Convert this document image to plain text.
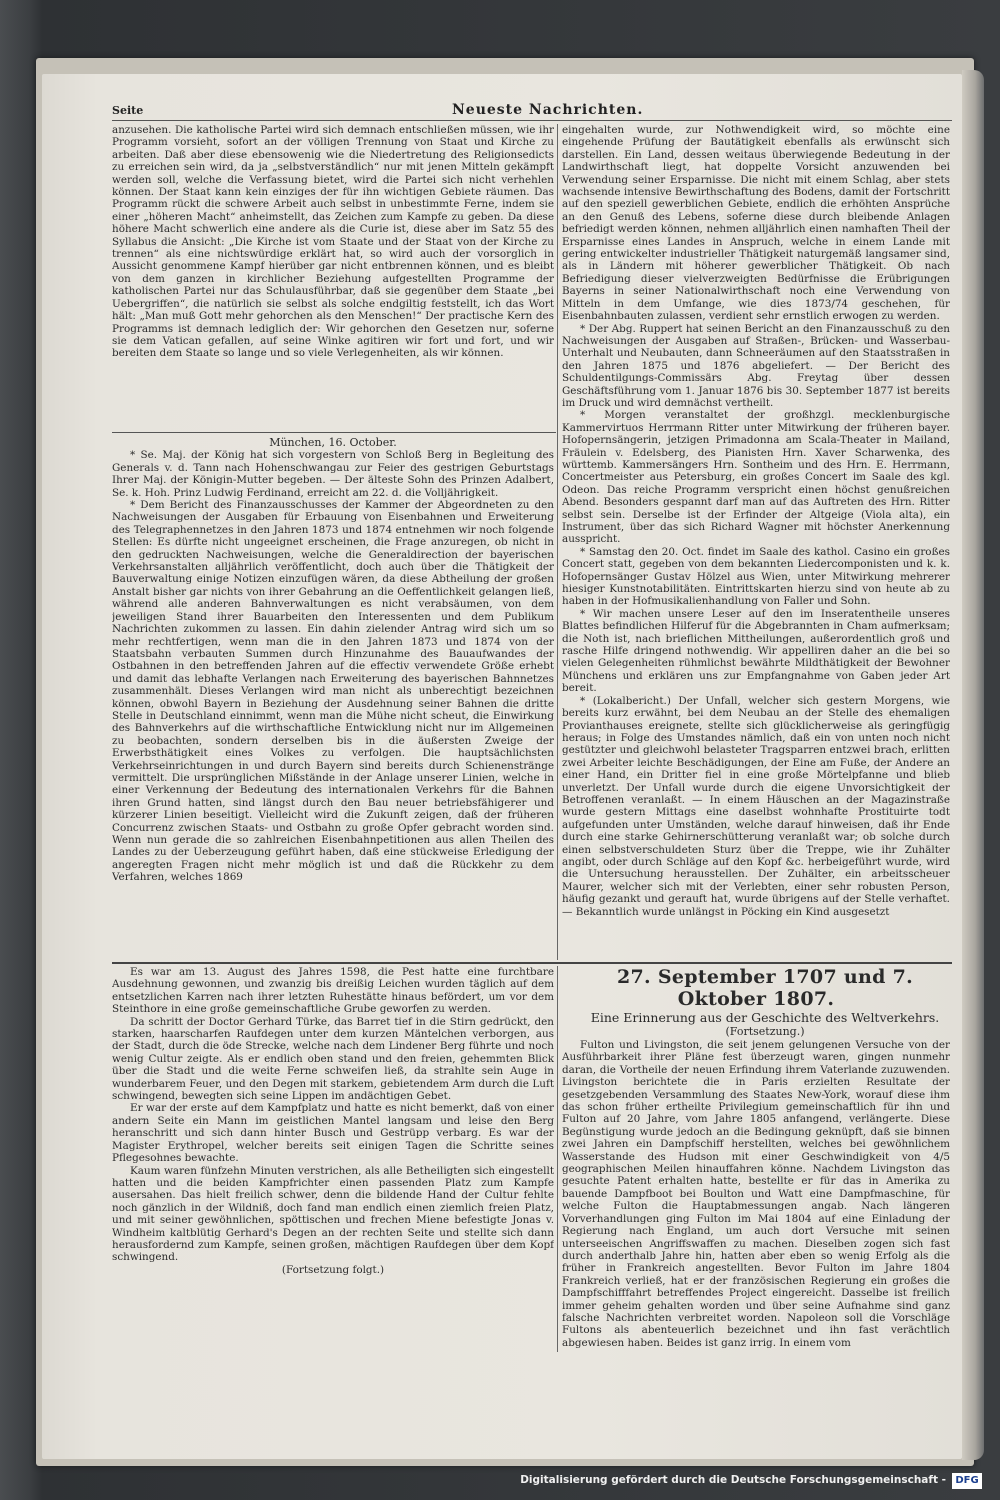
Seite	Neueste Nachrichten.

anzusehen. Die katholische Partei wird sich demnach entschließen müssen, wie ihr Programm vorsieht, sofort an der völligen Trennung von Staat und Kirche zu arbeiten. Daß aber diese ebensowenig wie die Niedertretung des Religionsedicts zu erreichen sein wird, da ja „selbstverständlich“ nur mit jenen Mitteln gekämpft werden soll, welche die Verfassung bietet, wird die Partei sich nicht verhehlen können. Der Staat kann kein einziges der für ihn wichtigen Gebiete räumen. Das Programm rückt die schwere Arbeit auch selbst in unbestimmte Ferne, indem sie einer „höheren Macht“ anheimstellt, das Zeichen zum Kampfe zu geben. Da diese höhere Macht schwerlich eine andere als die Curie ist, diese aber im Satz 55 des Syllabus die Ansicht: „Die Kirche ist vom Staate und der Staat von der Kirche zu trennen“ als eine nichtswürdige erklärt hat, so wird auch der vorsorglich in Aussicht genommene Kampf hierüber gar nicht entbrennen können, und es bleibt von dem ganzen in kirchlicher Beziehung aufgestellten Programme der katholischen Partei nur das Schulausführbar, daß sie gegenüber dem Staate „bei Uebergriffen“, die natürlich sie selbst als solche endgiltig feststellt, ich das Wort hält: „Man muß Gott mehr gehorchen als den Menschen!“ Der practische Kern des Programms ist demnach lediglich der: Wir gehorchen den Gesetzen nur, soferne sie dem Vatican gefallen, auf seine Winke agitiren wir fort und fort, und wir bereiten dem Staate so lange und so viele Verlegenheiten, als wir können.

München, 16. October.

* Se. Maj. der König hat sich vorgestern von Schloß Berg in Begleitung des Generals v. d. Tann nach Hohenschwangau zur Feier des gestrigen Geburtstags Ihrer Maj. der Königin-Mutter begeben. — Der älteste Sohn des Prinzen Adalbert, Se. k. Hoh. Prinz Ludwig Ferdinand, erreicht am 22. d. die Volljährigkeit.

* Dem Bericht des Finanzausschusses der Kammer der Abgeordneten zu den Nachweisungen der Ausgaben für Erbauung von Eisenbahnen und Erweiterung des Telegraphennetzes in den Jahren 1873 und 1874 entnehmen wir noch folgende Stellen: Es dürfte nicht ungeeignet erscheinen, die Frage anzuregen, ob nicht in den gedruckten Nachweisungen, welche die Generaldirection der bayerischen Verkehrsanstalten alljährlich veröffentlicht, doch auch über die Thätigkeit der Bauverwaltung einige Notizen einzufügen wären, da diese Abtheilung der großen Anstalt bisher gar nichts von ihrer Gebahrung an die Oeffentlichkeit gelangen ließ, während alle anderen Bahnverwaltungen es nicht verabsäumen, von dem jeweiligen Stand ihrer Bauarbeiten den Interessenten und dem Publikum Nachrichten zukommen zu lassen. Ein dahin zielender Antrag wird sich um so mehr rechtfertigen, wenn man die in den Jahren 1873 und 1874 von der Staatsbahn verbauten Summen durch Hinzunahme des Bauaufwandes der Ostbahnen in den betreffenden Jahren auf die effectiv verwendete Größe erhebt und damit das lebhafte Verlangen nach Erweiterung des bayerischen Bahnnetzes zusammenhält. Dieses Verlangen wird man nicht als unberechtigt bezeichnen können, obwohl Bayern in Beziehung der Ausdehnung seiner Bahnen die dritte Stelle in Deutschland einnimmt, wenn man die Mühe nicht scheut, die Einwirkung des Bahnverkehrs auf die wirthschaftliche Entwicklung nicht nur im Allgemeinen zu beobachten, sondern derselben bis in die äußersten Zweige der Erwerbsthätigkeit eines Volkes zu verfolgen. Die hauptsächlichsten Verkehrseinrichtungen in und durch Bayern sind bereits durch Schienenstränge vermittelt. Die ursprünglichen Mißstände in der Anlage unserer Linien, welche in einer Verkennung der Bedeutung des internationalen Verkehrs für die Bahnen ihren Grund hatten, sind längst durch den Bau neuer betriebsfähigerer und kürzerer Linien beseitigt. Vielleicht wird die Zukunft zeigen, daß der früheren Concurrenz zwischen Staats- und Ostbahn zu große Opfer gebracht worden sind. Wenn nun gerade die so zahlreichen Eisenbahnpetitionen aus allen Theilen des Landes zu der Ueberzeugung geführt haben, daß eine stückweise Erledigung der angeregten Fragen nicht mehr möglich ist und daß die Rückkehr zu dem Verfahren, welches 1869

eingehalten wurde, zur Nothwendigkeit wird, so möchte eine eingehende Prüfung der Bautätigkeit ebenfalls als erwünscht sich darstellen. Ein Land, dessen weitaus überwiegende Bedeutung in der Landwirthschaft liegt, hat doppelte Vorsicht anzuwenden bei Verwendung seiner Ersparnisse. Die nicht mit einem Schlag, aber stets wachsende intensive Bewirthschaftung des Bodens, damit der Fortschritt auf den speziell gewerblichen Gebiete, endlich die erhöhten Ansprüche an den Genuß des Lebens, soferne diese durch bleibende Anlagen befriedigt werden können, nehmen alljährlich einen namhaften Theil der Ersparnisse eines Landes in Anspruch, welche in einem Lande mit gering entwickelter industrieller Thätigkeit naturgemäß langsamer sind, als in Ländern mit höherer gewerblicher Thätigkeit. Ob nach Befriedigung dieser vielverzweigten Bedürfnisse die Erübrigungen Bayerns in seiner Nationalwirthschaft noch eine Verwendung von Mitteln in dem Umfange, wie dies 1873/74 geschehen, für Eisenbahnbauten zulassen, verdient sehr ernstlich erwogen zu werden.

* Der Abg. Ruppert hat seinen Bericht an den Finanzausschuß zu den Nachweisungen der Ausgaben auf Straßen-, Brücken- und Wasserbau-Unterhalt und Neubauten, dann Schneeräumen auf den Staatsstraßen in den Jahren 1875 und 1876 abgeliefert. — Der Bericht des Schuldentilgungs-Commissärs Abg. Freytag über dessen Geschäftsführung vom 1. Januar 1876 bis 30. September 1877 ist bereits im Druck und wird demnächst vertheilt.

* Morgen veranstaltet der großhzgl. mecklenburgische Kammervirtuos Herrmann Ritter unter Mitwirkung der früheren bayer. Hofopernsängerin, jetzigen Primadonna am Scala-Theater in Mailand, Fräulein v. Edelsberg, des Pianisten Hrn. Xaver Scharwenka, des württemb. Kammersängers Hrn. Sontheim und des Hrn. E. Herrmann, Concertmeister aus Petersburg, ein großes Concert im Saale des kgl. Odeon. Das reiche Programm verspricht einen höchst genußreichen Abend. Besonders gespannt darf man auf das Auftreten des Hrn. Ritter selbst sein. Derselbe ist der Erfinder der Altgeige (Viola alta), ein Instrument, über das sich Richard Wagner mit höchster Anerkennung ausspricht.

* Samstag den 20. Oct. findet im Saale des kathol. Casino ein großes Concert statt, gegeben von dem bekannten Liedercomponisten und k. k. Hofopernsänger Gustav Hölzel aus Wien, unter Mitwirkung mehrerer hiesiger Kunstnotabilitäten. Eintrittskarten hierzu sind von heute ab zu haben in der Hofmusikalienhandlung von Faller und Sohn.

* Wir machen unsere Leser auf den im Inseratentheile unseres Blattes befindlichen Hilferuf für die Abgebrannten in Cham aufmerksam; die Noth ist, nach brieflichen Mittheilungen, außerordentlich groß und rasche Hilfe dringend nothwendig. Wir appelliren daher an die bei so vielen Gelegenheiten rühmlichst bewährte Mildthätigkeit der Bewohner Münchens und erklären uns zur Empfangnahme von Gaben jeder Art bereit.

* (Lokalbericht.) Der Unfall, welcher sich gestern Morgens, wie bereits kurz erwähnt, bei dem Neubau an der Stelle des ehemaligen Provianthauses ereignete, stellte sich glücklicherweise als geringfügig heraus; in Folge des Umstandes nämlich, daß ein von unten noch nicht gestützter und gleichwohl belasteter Tragsparren entzwei brach, erlitten zwei Arbeiter leichte Beschädigungen, der Eine am Fuße, der Andere an einer Hand, ein Dritter fiel in eine große Mörtelpfanne und blieb unverletzt. Der Unfall wurde durch die eigene Unvorsichtigkeit der Betroffenen veranlaßt. — In einem Häuschen an der Magazinstraße wurde gestern Mittags eine daselbst wohnhafte Prostituirte todt aufgefunden unter Umständen, welche darauf hinweisen, daß ihr Ende durch eine starke Gehirnerschütterung veranlaßt war; ob solche durch einen selbstverschuldeten Sturz über die Treppe, wie ihr Zuhälter angibt, oder durch Schläge auf den Kopf &c. herbeigeführt wurde, wird die Untersuchung herausstellen. Der Zuhälter, ein arbeitsscheuer Maurer, welcher sich mit der Verlebten, einer sehr robusten Person, häufig gezankt und gerauft hat, wurde übrigens auf der Stelle verhaftet. — Bekanntlich wurde unlängst in Pöcking ein Kind ausgesetzt

Es war am 13. August des Jahres 1598, die Pest hatte eine furchtbare Ausdehnung gewonnen, und zwanzig bis dreißig Leichen wurden täglich auf dem entsetzlichen Karren nach ihrer letzten Ruhestätte hinaus befördert, um vor dem Steinthore in eine große gemeinschaftliche Grube geworfen zu werden.

Da schritt der Doctor Gerhard Türke, das Barret tief in die Stirn gedrückt, den starken, haarscharfen Raufdegen unter dem kurzen Mäntelchen verborgen, aus der Stadt, durch die öde Strecke, welche nach dem Lindener Berg führte und noch wenig Cultur zeigte. Als er endlich oben stand und den freien, gehemmten Blick über die Stadt und die weite Ferne schweifen ließ, da strahlte sein Auge in wunderbarem Feuer, und den Degen mit starkem, gebietendem Arm durch die Luft schwingend, bewegten sich seine Lippen im andächtigen Gebet.

Er war der erste auf dem Kampfplatz und hatte es nicht bemerkt, daß von einer andern Seite ein Mann im geistlichen Mantel langsam und leise den Berg heranschritt und sich dann hinter Busch und Gestrüpp verbarg. Es war der Magister Erythropel, welcher bereits seit einigen Tagen die Schritte seines Pflegesohnes bewachte.

Kaum waren fünfzehn Minuten verstrichen, als alle Betheiligten sich eingestellt hatten und die beiden Kampfrichter einen passenden Platz zum Kampfe ausersahen. Das hielt freilich schwer, denn die bildende Hand der Cultur fehlte noch gänzlich in der Wildniß, doch fand man endlich einen ziemlich freien Platz, und mit seiner gewöhnlichen, spöttischen und frechen Miene befestigte Jonas v. Windheim kaltblütig Gerhard's Degen an der rechten Seite und stellte sich dann herausfordernd zum Kampfe, seinen großen, mächtigen Raufdegen über dem Kopf schwingend.

(Fortsetzung folgt.)

27. September 1707 und 7. Oktober 1807.

Eine Erinnerung aus der Geschichte des Weltverkehrs.

(Fortsetzung.)

Fulton und Livingston, die seit jenem gelungenen Versuche von der Ausführbarkeit ihrer Pläne fest überzeugt waren, gingen nunmehr daran, die Vortheile der neuen Erfindung ihrem Vaterlande zuzuwenden. Livingston berichtete die in Paris erzielten Resultate der gesetzgebenden Versammlung des Staates New-York, worauf diese ihm das schon früher ertheilte Privilegium gemeinschaftlich für ihn und Fulton auf 20 Jahre, vom Jahre 1805 anfangend, verlängerte. Diese Begünstigung wurde jedoch an die Bedingung geknüpft, daß sie binnen zwei Jahren ein Dampfschiff herstellten, welches bei gewöhnlichem Wasserstande des Hudson mit einer Geschwindigkeit von 4/5 geographischen Meilen hinauffahren könne. Nachdem Livingston das gesuchte Patent erhalten hatte, bestellte er für das in Amerika zu bauende Dampfboot bei Boulton und Watt eine Dampfmaschine, für welche Fulton die Hauptabmessungen angab. Nach längeren Vorverhandlungen ging Fulton im Mai 1804 auf eine Einladung der Regierung nach England, um auch dort Versuche mit seinen unterseeischen Angriffswaffen zu machen. Dieselben zogen sich fast durch anderthalb Jahre hin, hatten aber eben so wenig Erfolg als die früher in Frankreich angestellten. Bevor Fulton im Jahre 1804 Frankreich verließ, hat er der französischen Regierung ein großes die Dampfschifffahrt betreffendes Project eingereicht. Dasselbe ist freilich immer geheim gehalten worden und über seine Aufnahme sind ganz falsche Nachrichten verbreitet worden. Napoleon soll die Vorschläge Fultons als abenteuerlich bezeichnet und ihn fast verächtlich abgewiesen haben. Beides ist ganz irrig. In einem vom

Digitalisierung gefördert durch die Deutsche Forschungsgemeinschaft - DFG
